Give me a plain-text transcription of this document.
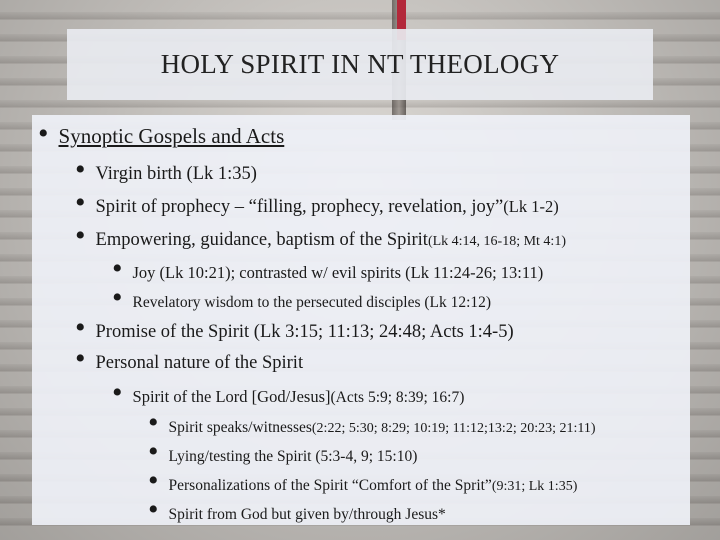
HOLY SPIRIT IN NT THEOLOGY
• Synoptic Gospels and Acts
• Virgin birth (Lk 1:35)
• Spirit of prophecy – “filling, prophecy, revelation, joy” (Lk 1-2)
• Empowering, guidance, baptism of the Spirit (Lk 4:14, 16-18; Mt 4:1)
• Joy (Lk 10:21); contrasted w/ evil spirits (Lk 11:24-26; 13:11)
• Revelatory wisdom to the persecuted disciples (Lk 12:12)
• Promise of the Spirit (Lk 3:15; 11:13; 24:48; Acts 1:4-5)
• Personal nature of the Spirit
• Spirit of the Lord [God/Jesus] (Acts 5:9; 8:39; 16:7)
• Spirit speaks/witnesses (2:22; 5:30; 8:29; 10:19; 11:12;13:2; 20:23; 21:11)
• Lying/testing the Spirit (5:3-4, 9; 15:10)
• Personalizations of the Spirit “Comfort of the Sprit” (9:31; Lk 1:35)
• Spirit from God but given by/through Jesus*
